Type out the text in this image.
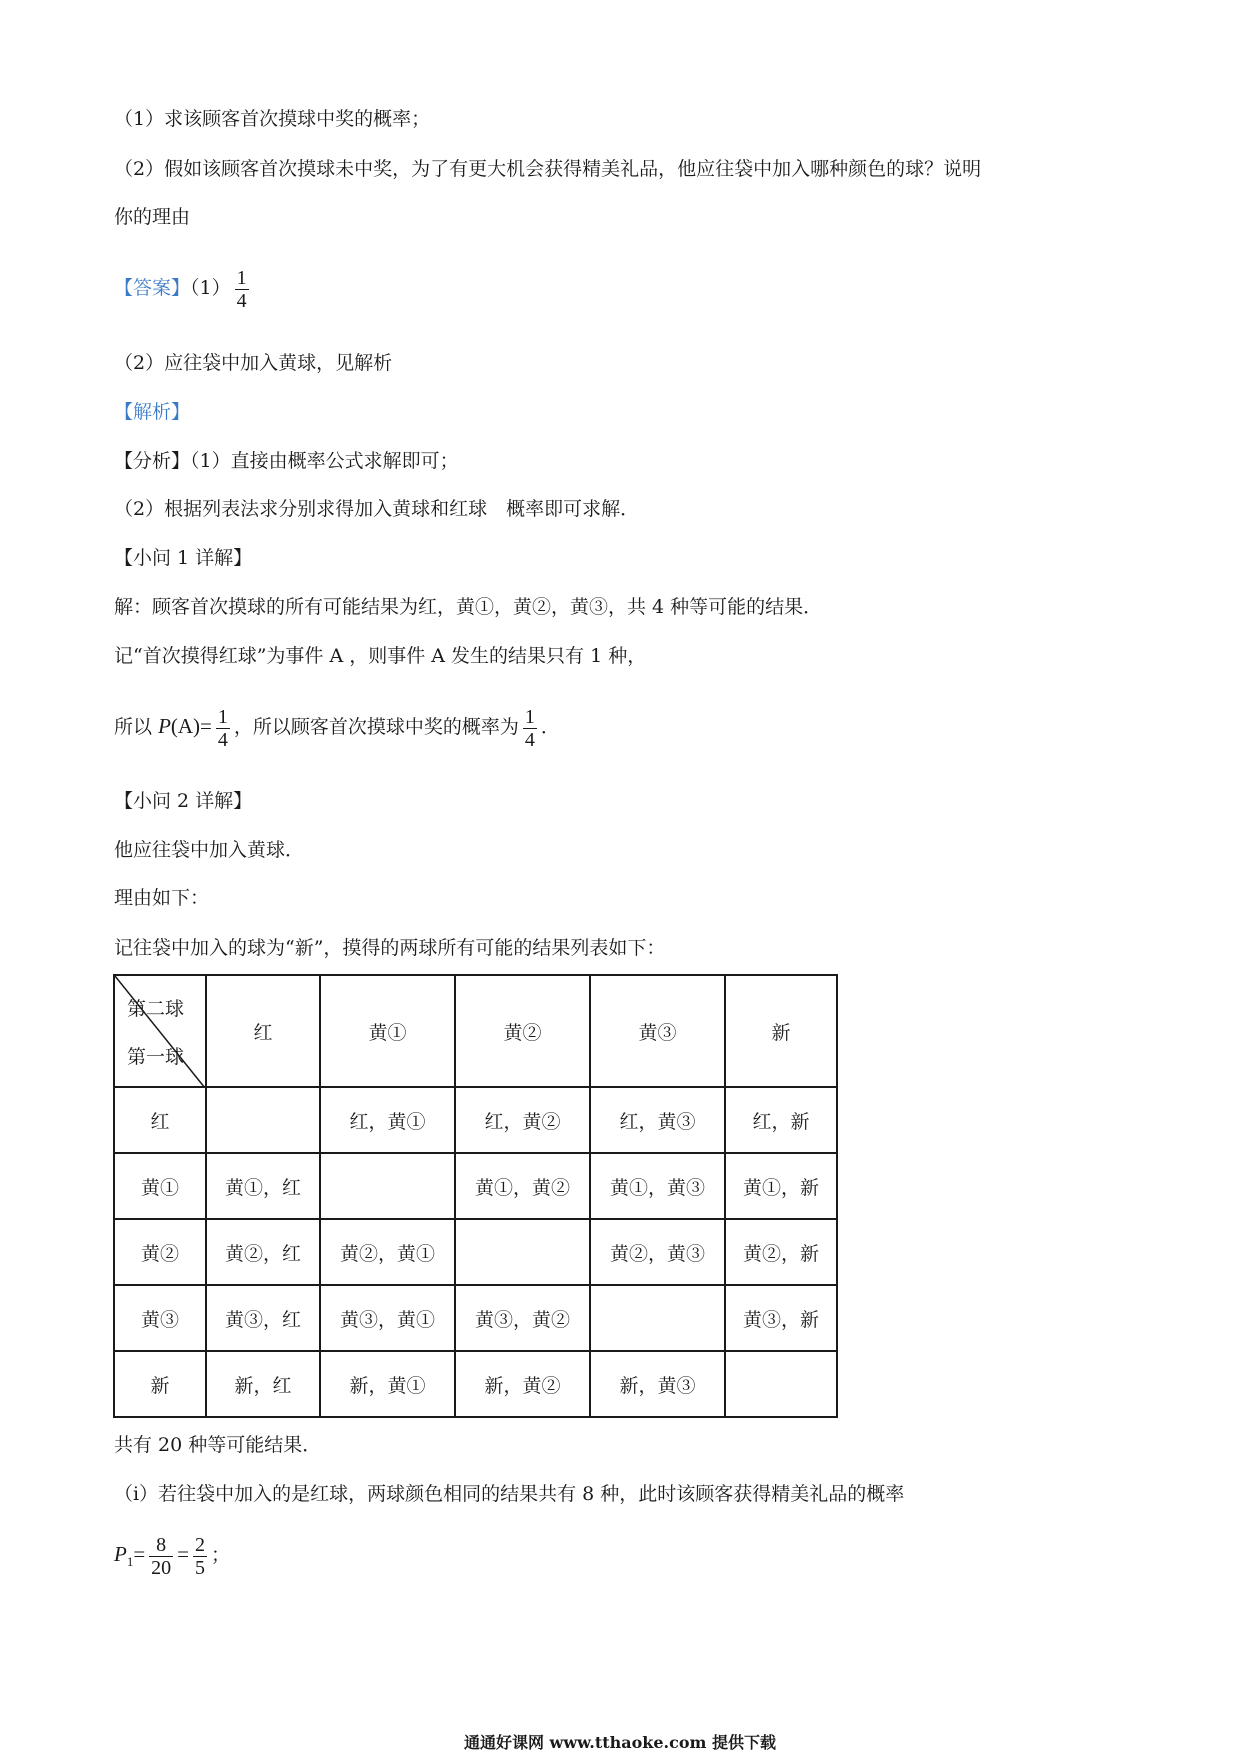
（1）求该顾客首次摸球中奖的概率；
（2）假如该顾客首次摸球未中奖，为了有更大机会获得精美礼品，他应往袋中加入哪种颜色的球？说明
你的理由
【答案】$(1) \frac{1}{4}$
（2）应往袋中加入黄球，见解析
【解析】
【分析】（1）直接由概率公式求解即可；
（2）根据列表法求分别求得加入黄球和红球　概率即可求解．
【小问 1 详解】
解：顾客首次摸球的所有可能结果为红，黄①，黄②，黄③，共 4 种等可能的结果．
记“首次摸得红球”为事件 A ，则事件 A 发生的结果只有 1 种，
所以 $P(A)= \frac{1}{4}$ ，所以顾客首次摸球中奖的概率为 $\frac{1}{4}$ ．
【小问 2 详解】
他应往袋中加入黄球．
理由如下：
记往袋中加入的球为“新”，摸得的两球所有可能的结果列表如下：
第二球
第一球	红	黄①	黄②	黄③	新
红		红，黄①	红，黄②	红，黄③	红，新
黄①	黄①，红		黄①，黄②	黄①，黄③	黄①，新
黄②	黄②，红	黄②，黄①		黄②，黄③	黄②，新
黄③	黄③，红	黄③，黄①	黄③，黄②		黄③，新
新	新，红	新，黄①	新，黄②	新，黄③	
共有 20 种等可能结果．
（i）若往袋中加入的是红球，两球颜色相同的结果共有 8 种，此时该顾客获得精美礼品的概率
$P_1= \frac{8}{20} = \frac{2}{5}$ ；
通通好课网 www.tthaoke.com 提供下载
